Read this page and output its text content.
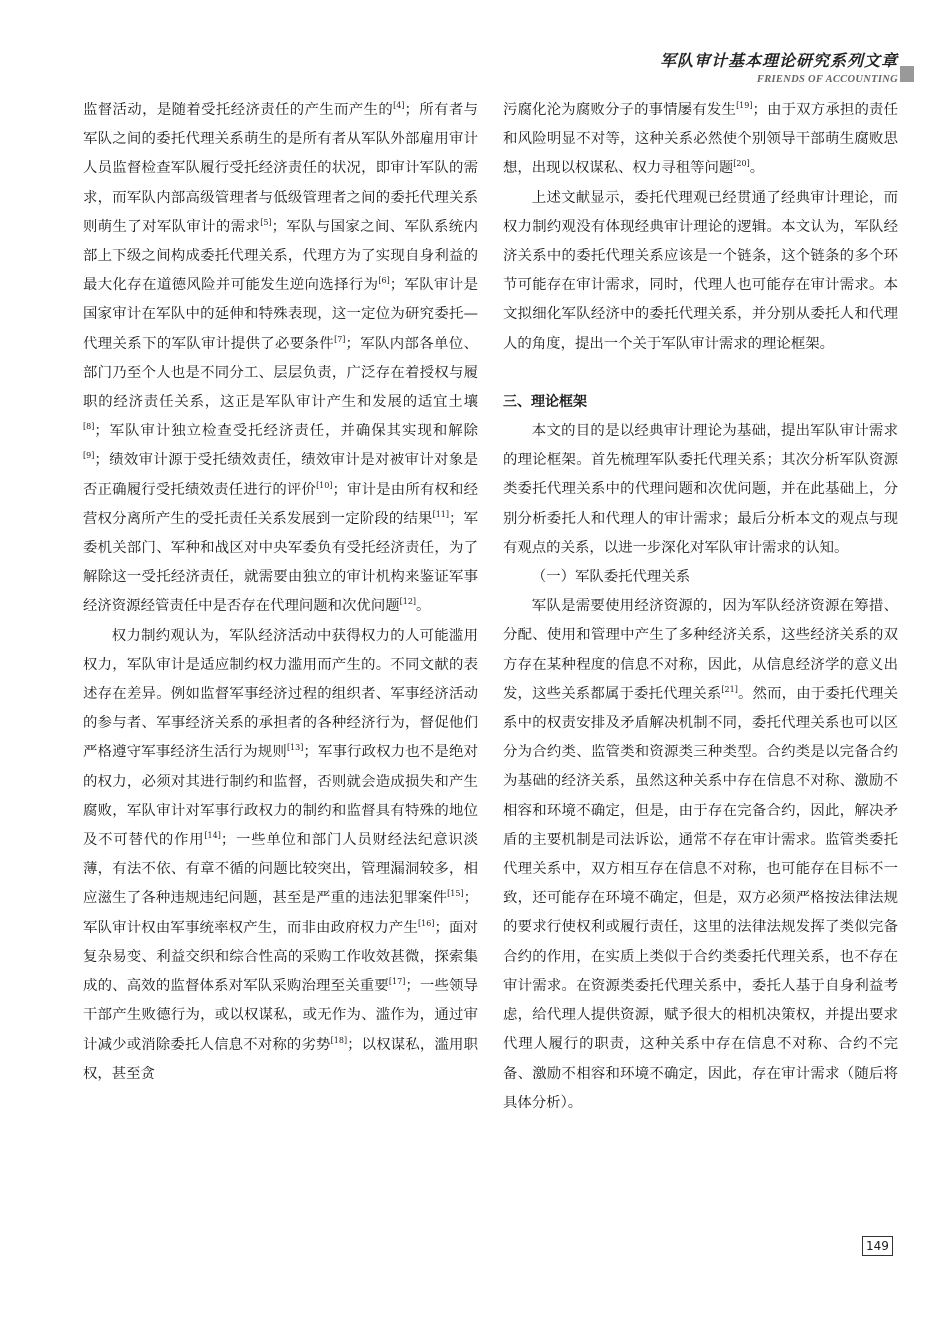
军队审计基本理论研究系列文章
FRIENDS OF ACCOUNTING

监督活动，是随着受托经济责任的产生而产生的[4]；所有者与军队之间的委托代理关系萌生的是所有者从军队外部雇用审计人员监督检查军队履行受托经济责任的状况，即审计军队的需求，而军队内部高级管理者与低级管理者之间的委托代理关系则萌生了对军队审计的需求[5]；军队与国家之间、军队系统内部上下级之间构成委托代理关系，代理方为了实现自身利益的最大化存在道德风险并可能发生逆向选择行为[6]；军队审计是国家审计在军队中的延伸和特殊表现，这一定位为研究委托—代理关系下的军队审计提供了必要条件[7]；军队内部各单位、部门乃至个人也是不同分工、层层负责，广泛存在着授权与履职的经济责任关系，这正是军队审计产生和发展的适宜土壤[8]；军队审计独立检查受托经济责任，并确保其实现和解除[9]；绩效审计源于受托绩效责任，绩效审计是对被审计对象是否正确履行受托绩效责任进行的评价[10]；审计是由所有权和经营权分离所产生的受托责任关系发展到一定阶段的结果[11]；军委机关部门、军种和战区对中央军委负有受托经济责任，为了解除这一受托经济责任，就需要由独立的审计机构来鉴证军事经济资源经管责任中是否存在代理问题和次优问题[12]。

权力制约观认为，军队经济活动中获得权力的人可能滥用权力，军队审计是适应制约权力滥用而产生的。不同文献的表述存在差异。例如监督军事经济过程的组织者、军事经济活动的参与者、军事经济关系的承担者的各种经济行为，督促他们严格遵守军事经济生活行为规则[13]；军事行政权力也不是绝对的权力，必须对其进行制约和监督，否则就会造成损失和产生腐败，军队审计对军事行政权力的制约和监督具有特殊的地位及不可替代的作用[14]；一些单位和部门人员财经法纪意识淡薄，有法不依、有章不循的问题比较突出，管理漏洞较多，相应滋生了各种违规违纪问题，甚至是严重的违法犯罪案件[15]；军队审计权由军事统率权产生，而非由政府权力产生[16]；面对复杂易变、利益交织和综合性高的采购工作收效甚微，探索集成的、高效的监督体系对军队采购治理至关重要[17]；一些领导干部产生败德行为，或以权谋私，或无作为、滥作为，通过审计减少或消除委托人信息不对称的劣势[18]；以权谋私，滥用职权，甚至贪

污腐化沦为腐败分子的事情屡有发生[19]；由于双方承担的责任和风险明显不对等，这种关系必然使个别领导干部萌生腐败思想，出现以权谋私、权力寻租等问题[20]。

上述文献显示，委托代理观已经贯通了经典审计理论，而权力制约观没有体现经典审计理论的逻辑。本文认为，军队经济关系中的委托代理关系应该是一个链条，这个链条的多个环节可能存在审计需求，同时，代理人也可能存在审计需求。本文拟细化军队经济中的委托代理关系，并分别从委托人和代理人的角度，提出一个关于军队审计需求的理论框架。

三、理论框架

本文的目的是以经典审计理论为基础，提出军队审计需求的理论框架。首先梳理军队委托代理关系；其次分析军队资源类委托代理关系中的代理问题和次优问题，并在此基础上，分别分析委托人和代理人的审计需求；最后分析本文的观点与现有观点的关系，以进一步深化对军队审计需求的认知。

（一）军队委托代理关系

军队是需要使用经济资源的，因为军队经济资源在筹措、分配、使用和管理中产生了多种经济关系，这些经济关系的双方存在某种程度的信息不对称，因此，从信息经济学的意义出发，这些关系都属于委托代理关系[21]。然而，由于委托代理关系中的权责安排及矛盾解决机制不同，委托代理关系也可以区分为合约类、监管类和资源类三种类型。合约类是以完备合约为基础的经济关系，虽然这种关系中存在信息不对称、激励不相容和环境不确定，但是，由于存在完备合约，因此，解决矛盾的主要机制是司法诉讼，通常不存在审计需求。监管类委托代理关系中，双方相互存在信息不对称，也可能存在目标不一致，还可能存在环境不确定，但是，双方必须严格按法律法规的要求行使权利或履行责任，这里的法律法规发挥了类似完备合约的作用，在实质上类似于合约类委托代理关系，也不存在审计需求。在资源类委托代理关系中，委托人基于自身利益考虑，给代理人提供资源，赋予很大的相机决策权，并提出要求代理人履行的职责，这种关系中存在信息不对称、合约不完备、激励不相容和环境不确定，因此，存在审计需求（随后将具体分析）。

149
